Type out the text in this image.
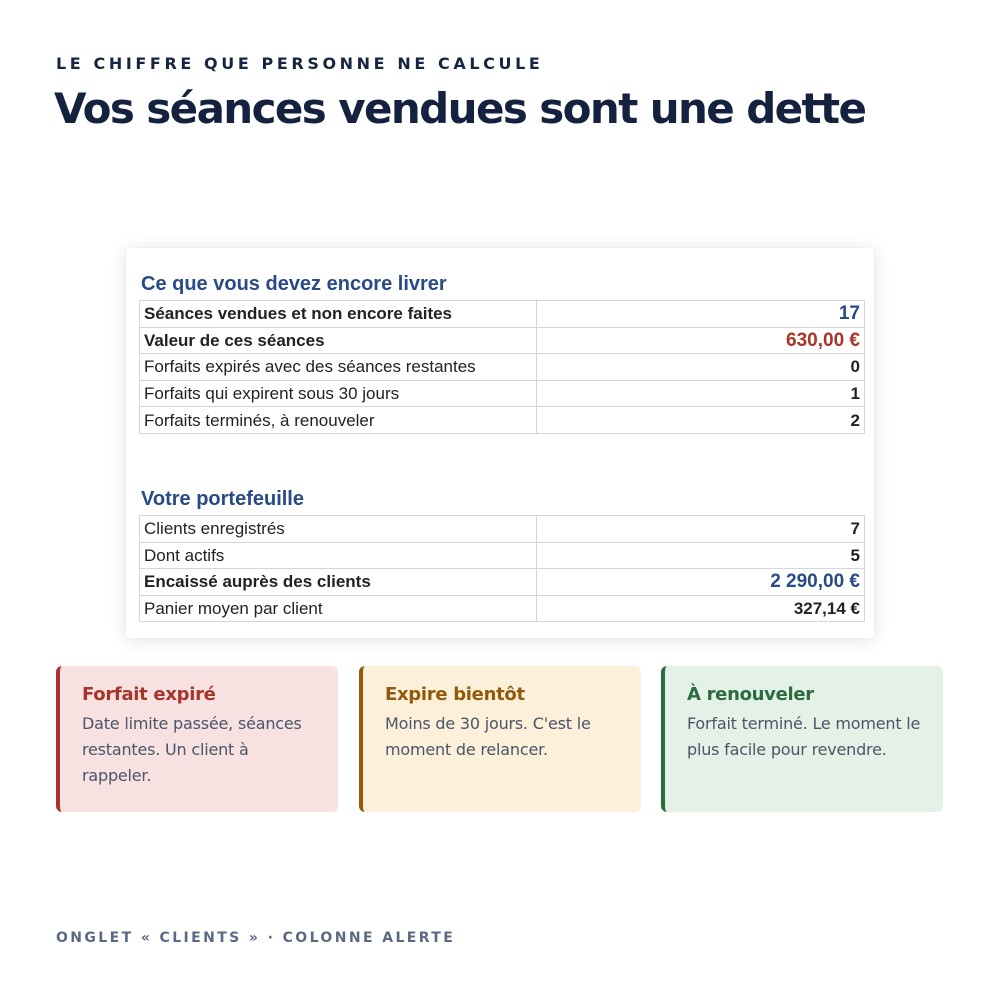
LE CHIFFRE QUE PERSONNE NE CALCULE

Vos séances vendues sont une dette
Ce que vous devez encore livrer
Séances vendues et non encore faites	17
Valeur de ces séances	630,00 €
Forfaits expirés avec des séances restantes	0
Forfaits qui expirent sous 30 jours	1
Forfaits terminés, à renouveler	2
Votre portefeuille
Clients enregistrés	7
Dont actifs	5
Encaissé auprès des clients	2 290,00 €
Panier moyen par client	327,14 €

Forfait expiré

Date limite passée, séances restantes. Un client à rappeler.

Expire bientôt

Moins de 30 jours. C'est le moment de relancer.

À renouveler

Forfait terminé. Le moment le plus facile pour revendre.

ONGLET « CLIENTS » · COLONNE ALERTE
